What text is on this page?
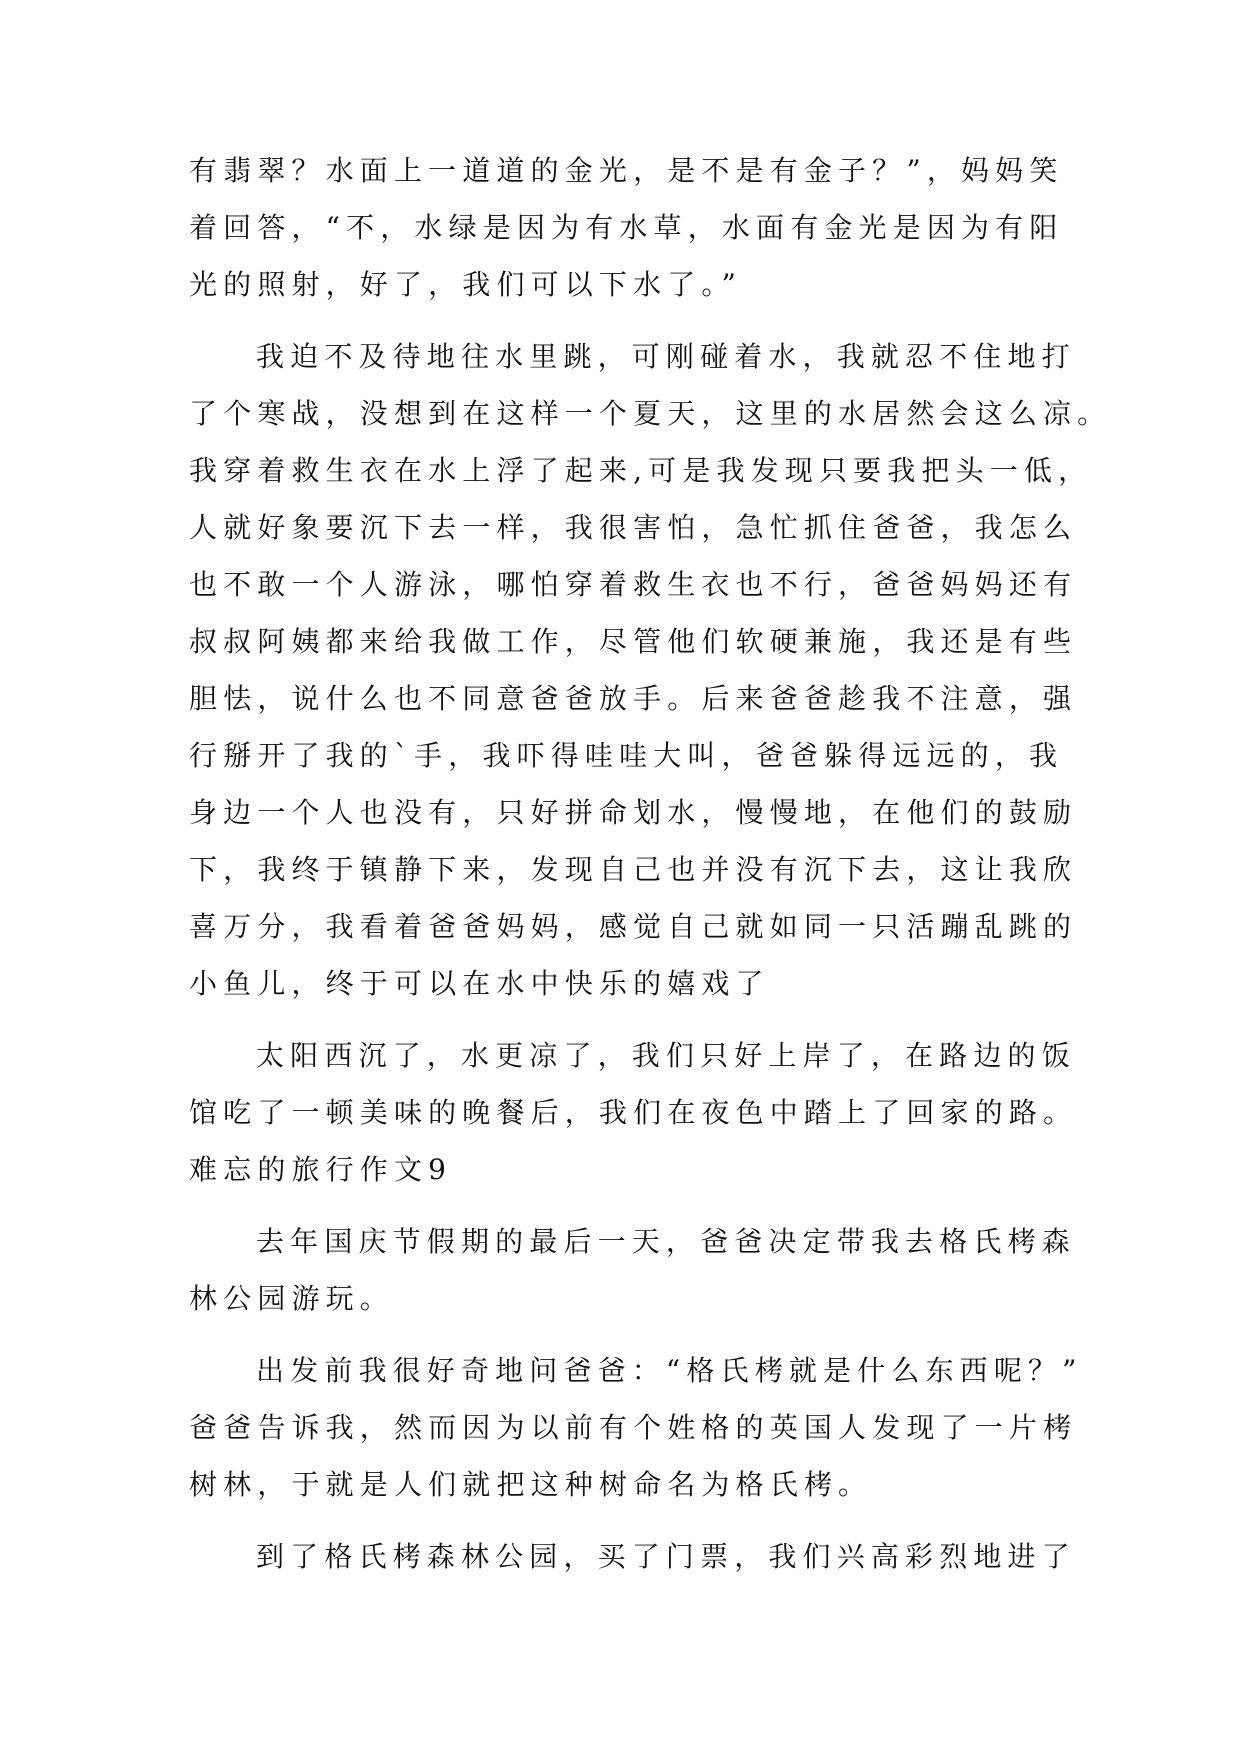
有翡翠？水面上一道道的金光，是不是有金子？”，妈妈笑
着回答，“不，水绿是因为有水草，水面有金光是因为有阳
光的照射，好了，我们可以下水了。”
我迫不及待地往水里跳，可刚碰着水，我就忍不住地打
了个寒战，没想到在这样一个夏天，这里的水居然会这么凉。
我穿着救生衣在水上浮了起来,可是我发现只要我把头一低，
人就好象要沉下去一样，我很害怕，急忙抓住爸爸，我怎么
也不敢一个人游泳，哪怕穿着救生衣也不行，爸爸妈妈还有
叔叔阿姨都来给我做工作，尽管他们软硬兼施，我还是有些
胆怯，说什么也不同意爸爸放手。后来爸爸趁我不注意，强
行掰开了我的`手，我吓得哇哇大叫，爸爸躲得远远的，我
身边一个人也没有，只好拼命划水，慢慢地，在他们的鼓励
下，我终于镇静下来，发现自己也并没有沉下去，这让我欣
喜万分，我看着爸爸妈妈，感觉自己就如同一只活蹦乱跳的
小鱼儿，终于可以在水中快乐的嬉戏了
太阳西沉了，水更凉了，我们只好上岸了，在路边的饭
馆吃了一顿美味的晚餐后，我们在夜色中踏上了回家的路。
难忘的旅行作文9
去年国庆节假期的最后一天，爸爸决定带我去格氏栲森
林公园游玩。
出发前我很好奇地问爸爸：“格氏栲就是什么东西呢？”
爸爸告诉我，然而因为以前有个姓格的英国人发现了一片栲
树林，于就是人们就把这种树命名为格氏栲。
到了格氏栲森林公园，买了门票，我们兴高彩烈地进了
